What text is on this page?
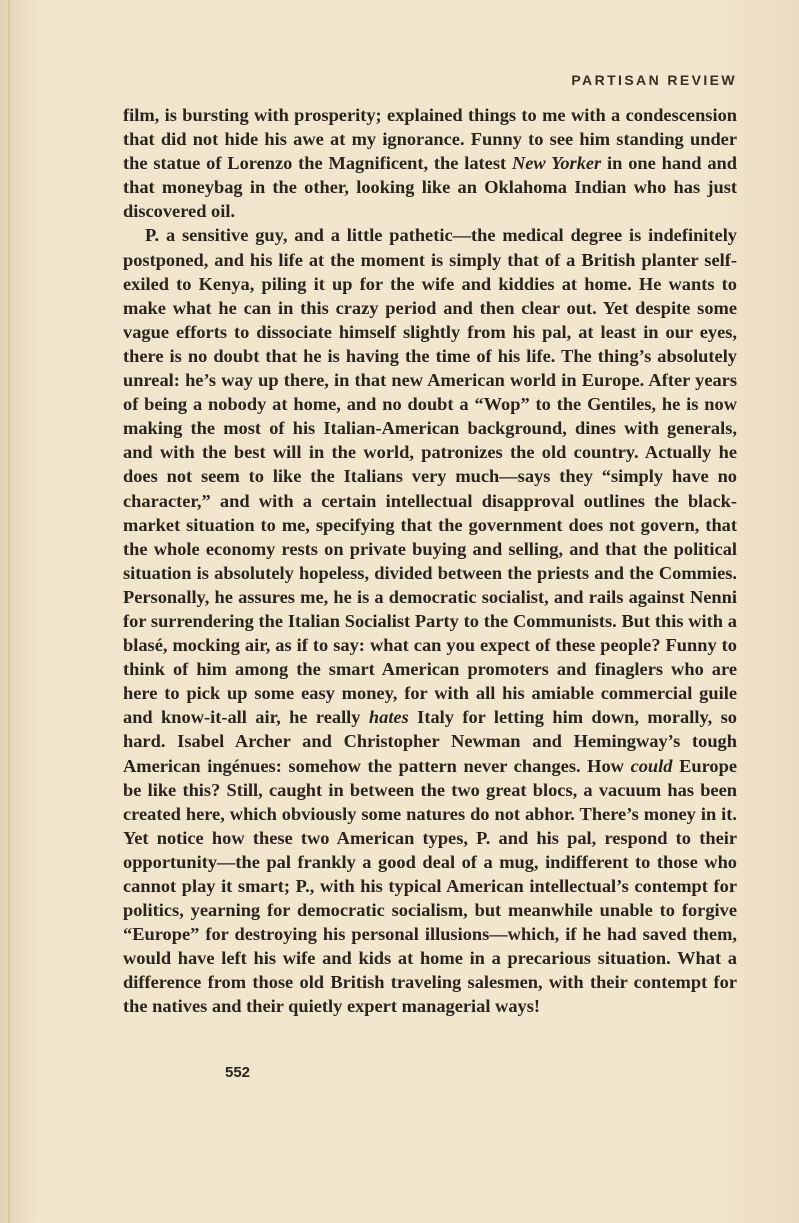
PARTISAN REVIEW

film, is bursting with prosperity; explained things to me with a condescension that did not hide his awe at my ignorance. Funny to see him standing under the statue of Lorenzo the Magnificent, the latest New Yorker in one hand and that moneybag in the other, looking like an Oklahoma Indian who has just discovered oil.

P. a sensitive guy, and a little pathetic—the medical degree is indefinitely postponed, and his life at the moment is simply that of a British planter self-exiled to Kenya, piling it up for the wife and kiddies at home. He wants to make what he can in this crazy period and then clear out. Yet despite some vague efforts to dissociate himself slightly from his pal, at least in our eyes, there is no doubt that he is having the time of his life. The thing’s absolutely unreal: he’s way up there, in that new American world in Europe. After years of being a nobody at home, and no doubt a “Wop” to the Gentiles, he is now making the most of his Italian-American background, dines with generals, and with the best will in the world, patronizes the old country. Actually he does not seem to like the Italians very much—says they “simply have no character,” and with a certain intellectual disapproval outlines the black-market situation to me, specifying that the government does not govern, that the whole economy rests on private buying and selling, and that the political situation is absolutely hopeless, divided between the priests and the Commies. Personally, he assures me, he is a democratic socialist, and rails against Nenni for surrendering the Italian Socialist Party to the Communists. But this with a blasé, mocking air, as if to say: what can you expect of these people? Funny to think of him among the smart American promoters and finaglers who are here to pick up some easy money, for with all his amiable commercial guile and know-it-all air, he really hates Italy for letting him down, morally, so hard. Isabel Archer and Christopher Newman and Hemingway’s tough American ingénues: somehow the pattern never changes. How could Europe be like this? Still, caught in between the two great blocs, a vacuum has been created here, which obviously some natures do not abhor. There’s money in it. Yet notice how these two American types, P. and his pal, respond to their opportunity—the pal frankly a good deal of a mug, indifferent to those who cannot play it smart; P., with his typical American intellectual’s contempt for politics, yearning for democratic socialism, but meanwhile unable to forgive “Europe” for destroying his personal illusions—which, if he had saved them, would have left his wife and kids at home in a precarious situation. What a difference from those old British traveling salesmen, with their contempt for the natives and their quietly expert managerial ways!

552
